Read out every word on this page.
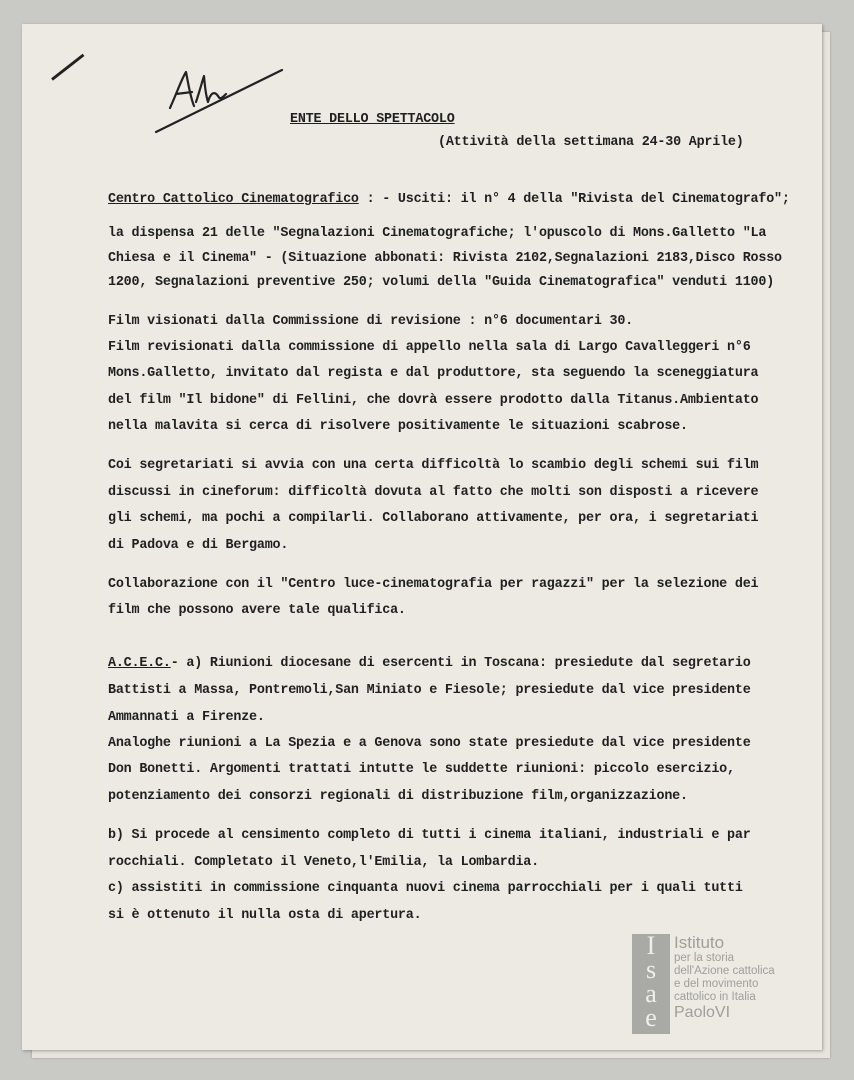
ENTE DELLO SPETTACOLO
(Attività della settimana 24-30 Aprile)
Centro Cattolico Cinematografico : - Usciti: il n° 4 della "Rivista del Cinematografo";
la dispensa 21 delle "Segnalazioni Cinematografiche; l'opuscolo di Mons.Galletto "La
Chiesa e il Cinema" - (Situazione abbonati: Rivista 2102,Segnalazioni 2183,Disco Rosso
1200, Segnalazioni preventive 250; volumi della "Guida Cinematografica" venduti 1100)
Film visionati dalla Commissione di revisione : n°6 documentari 30.
Film revisionati dalla commissione di appello nella sala di Largo Cavalleggeri n°6
Mons.Galletto, invitato dal regista e dal produttore, sta seguendo la sceneggiatura
del film "Il bidone" di Fellini, che dovrà essere prodotto dalla Titanus.Ambientato
nella malavita si cerca di risolvere positivamente le situazioni scabrose.
Coi segretariati si avvia con una certa difficoltà lo scambio degli schemi sui film
discussi in cineforum: difficoltà dovuta al fatto che molti son disposti a ricevere
gli schemi, ma pochi a compilarli. Collaborano attivamente, per ora, i segretariati
di Padova e di Bergamo.
Collaborazione con il "Centro luce-cinematografia per ragazzi" per la selezione dei
film che possono avere tale qualifica.
A.C.E.C.- a) Riunioni diocesane di esercenti in Toscana: presiedute dal segretario
Battisti a Massa, Pontremoli,San Miniato e Fiesole; presiedute dal vice presidente
Ammannati a Firenze.
Analoghe riunioni a La Spezia e a Genova sono state presiedute dal vice presidente
Don Bonetti. Argomenti trattati intutte le suddette riunioni: piccolo esercizio,
potenziamento dei consorzi regionali di distribuzione film,organizzazione.
b) Si procede al censimento completo di tutti i cinema italiani, industriali e par
rocchiali. Completato il Veneto,l'Emilia, la Lombardia.
c) assistiti in commissione cinquanta nuovi cinema parrocchiali per i quali tutti
si è ottenuto il nulla osta di apertura.
I
s
a
e
Istituto
per la storia
dell'Azione cattolica
e del movimento
cattolico in Italia
PaoloVI
